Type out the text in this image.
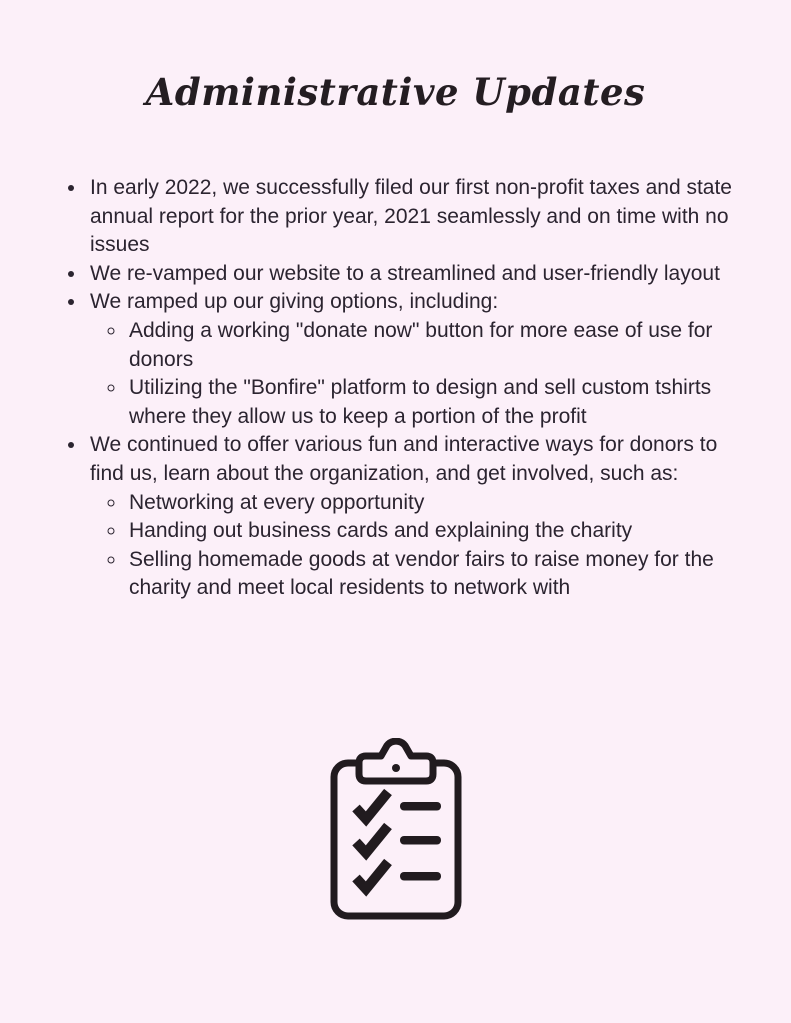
Administrative Updates
• In early 2022, we successfully filed our first non-profit taxes and state annual report for the prior year, 2021 seamlessly and on time with no issues
• We re-vamped our website to a streamlined and user-friendly layout
• We ramped up our giving options, including:
◦ Adding a working "donate now" button for more ease of use for donors
◦ Utilizing the "Bonfire" platform to design and sell custom tshirts where they allow us to keep a portion of the profit
• We continued to offer various fun and interactive ways for donors to find us, learn about the organization, and get involved, such as:
◦ Networking at every opportunity
◦ Handing out business cards and explaining the charity
◦ Selling homemade goods at vendor fairs to raise money for the charity and meet local residents to network with
